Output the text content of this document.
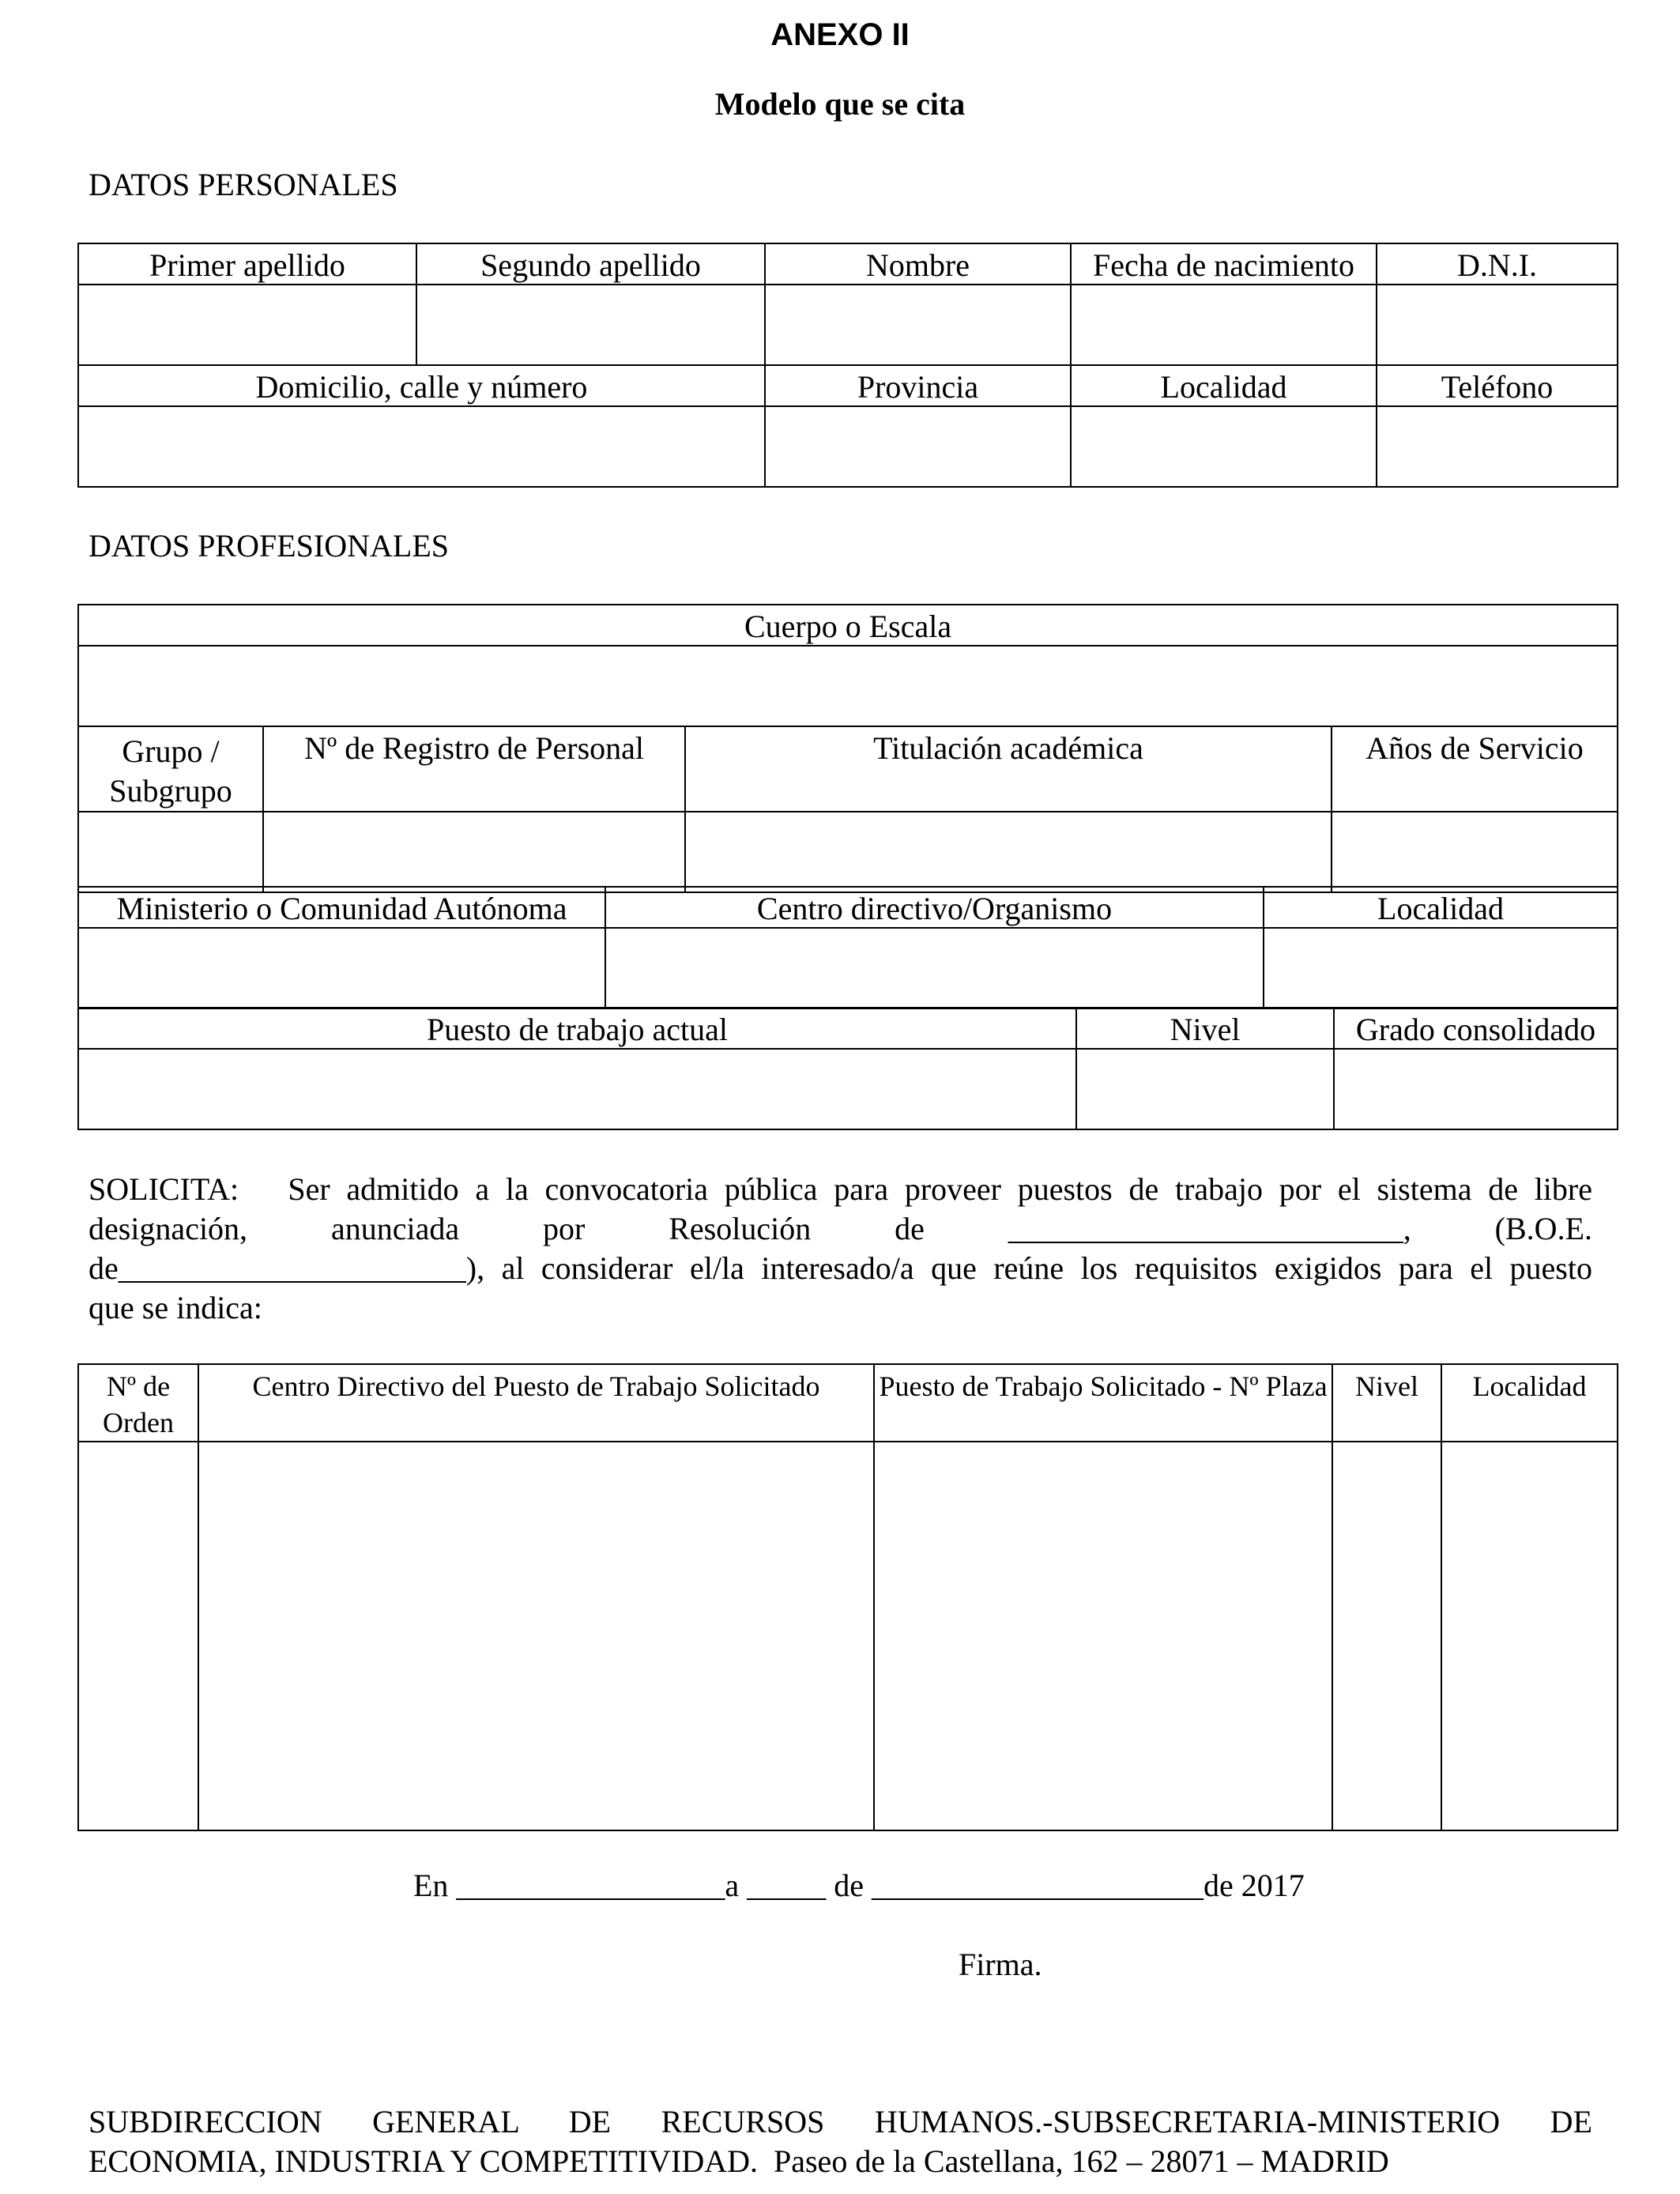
ANEXO II
Modelo que se cita
DATOS PERSONALES
Primer apellido	Segundo apellido	Nombre	Fecha de nacimiento	D.N.I.

Domicilio, calle y número		Provincia	Localidad	Teléfono

DATOS PROFESIONALES
Cuerpo o Escala			

Grupo / Subgrupo	Nº de Registro de Personal	Titulación académica	Años de Servicio

Ministerio o Comunidad Autónoma	Centro directivo/Organismo	Localidad

Puesto de trabajo actual	Nivel	Grado consolidado

SOLICITA:   Ser admitido a la convocatoria pública para proveer puestos de trabajo por el sistema de libre

designación, anunciada por Resolución de _________________________, (B.O.E.

de______________________), al considerar el/la interesado/a que reúne los requisitos exigidos para el puesto

que se indica:

Nº de Orden	Centro Directivo del Puesto de Trabajo Solicitado	Puesto de Trabajo Solicitado - Nº Plaza	Nivel	Localidad

En _________________a _____ de _____________________de 2017
Firma.

SUBDIRECCION GENERAL DE RECURSOS HUMANOS.-SUBSECRETARIA-MINISTERIO DE

ECONOMIA, INDUSTRIA Y COMPETITIVIDAD.  Paseo de la Castellana, 162 – 28071 – MADRID
